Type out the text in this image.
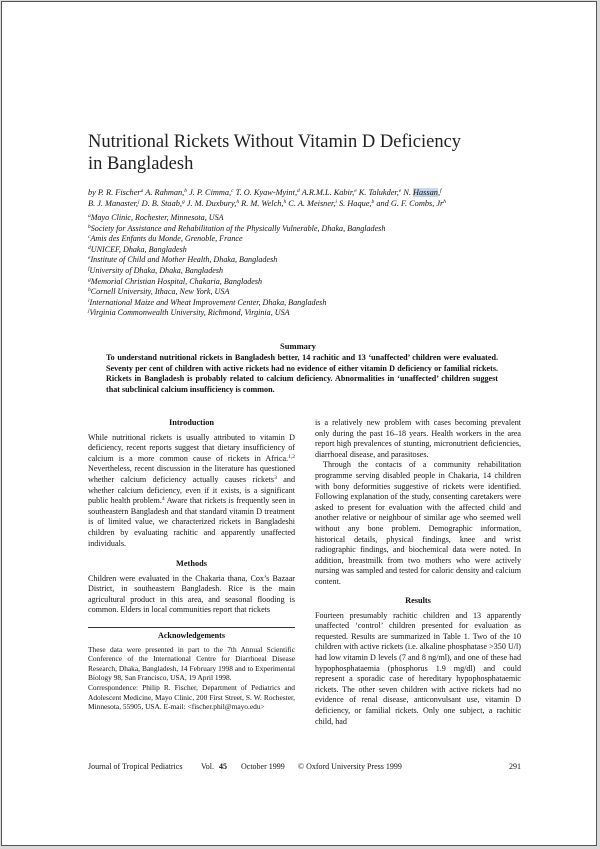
Nutritional Rickets Without Vitamin D Deficiency
in Bangladesh
by P. R. Fischer$^a$ A. Rahman,$^b$ J. P. Cimma,$^c$ T. O. Kyaw-Myint,$^d$ A.R.M.L. Kabir,$^e$ K. Talukder,$^e$ N. Hassan,$^f$
B. J. Manaster,$^j$ D. B. Staab,$^g$ J. M. Duxbury,$^h$ R. M. Welch,$^h$ C. A. Meisner,$^i$ S. Haque,$^b$ and G. F. Combs, Jr$^h$
$^a$Mayo Clinic, Rochester, Minnesota, USA
$^b$Society for Assistance and Rehabilitation of the Physically Vulnerable, Dhaka, Bangladesh
$^c$Amis des Enfants du Monde, Grenoble, France
$^d$UNICEF, Dhaka, Bangladesh
$^e$Institute of Child and Mother Health, Dhaka, Bangladesh
$^f$University of Dhaka, Dhaka, Bangladesh
$^g$Memorial Christian Hospital, Chakaria, Bangladesh
$^h$Cornell University, Ithaca, New York, USA
$^i$International Maize and Wheat Improvement Center, Dhaka, Bangladesh
$^j$Virginia Commonwealth University, Richmond, Virginia, USA
Summary

To understand nutritional rickets in Bangladesh better, 14 rachitic and 13 ‘unaffected’ children were evaluated. Seventy per cent of children with active rickets had no evidence of either vitamin D deficiency or familial rickets. Rickets in Bangladesh is probably related to calcium deficiency. Abnormalities in ‘unaffected’ children suggest that subclinical calcium insufficiency is common.

Introduction

While nutritional rickets is usually attributed to vitamin D deficiency, recent reports suggest that dietary insufficiency of calcium is a more common cause of rickets in Africa.$^{1,2}$ Nevertheless, recent discussion in the literature has questioned whether calcium deficiency actually causes rickets$^3$ and whether calcium deficiency, even if it exists, is a significant public health problem.$^4$ Aware that rickets is frequently seen in southeastern Bangladesh and that standard vitamin D treatment is of limited value, we characterized rickets in Bangladeshi children by evaluating rachitic and apparently unaffected individuals.

Methods

Children were evaluated in the Chakaria thana, Cox’s Bazaar District, in southeastern Bangladesh. Rice is the main agricultural product in this area, and seasonal flooding is common. Elders in local communities report that rickets

Acknowledgements

These data were presented in part to the 7th Annual Scientific Conference of the International Centre for Diarrhoeal Disease Research, Dhaka, Bangladesh, 14 February 1998 and to Experimental Biology 98, San Francisco, USA, 19 April 1998.

Correspondence: Philip R. Fischer, Department of Pediatrics and Adolescent Medicine, Mayo Clinic, 200 First Street, S. W. Rochester, Minnesota, 55905, USA. E-mail: <fischer.phil@mayo.edu>

is a relatively new problem with cases becoming prevalent only during the past 16–18 years. Health workers in the area report high prevalences of stunting, micronutrient deficiencies, diarrhoeal disease, and parasitoses.

Through the contacts of a community rehabilitation programme serving disabled people in Chakaria, 14 children with bony deformities suggestive of rickets were identified. Following explanation of the study, consenting caretakers were asked to present for evaluation with the affected child and another relative or neighbour of similar age who seemed well without any bone problem. Demographic information, historical details, physical findings, knee and wrist radiographic findings, and biochemical data were noted. In addition, breastmilk from two mothers who were actively nursing was sampled and tested for caloric density and calcium content.

Results

Fourteen presumably rachitic children and 13 apparently unaffected ‘control’ children presented for evaluation as requested. Results are summarized in Table 1. Two of the 10 children with active rickets (i.e. alkaline phosphatase >350 U/l) had low vitamin D levels (7 and 8 ng/ml), and one of these had hypophosphataemia (phosphorus 1.9 mg/dl) and could represent a sporadic case of hereditary hypophosphataemic rickets. The other seven children with active rickets had no evidence of renal disease, anticonvulsant use, vitamin D deficiency, or familial rickets. Only one subject, a rachitic child, had

Journal of Tropical Pediatrics Vol. 45 October 1999 © Oxford University Press 1999	291
